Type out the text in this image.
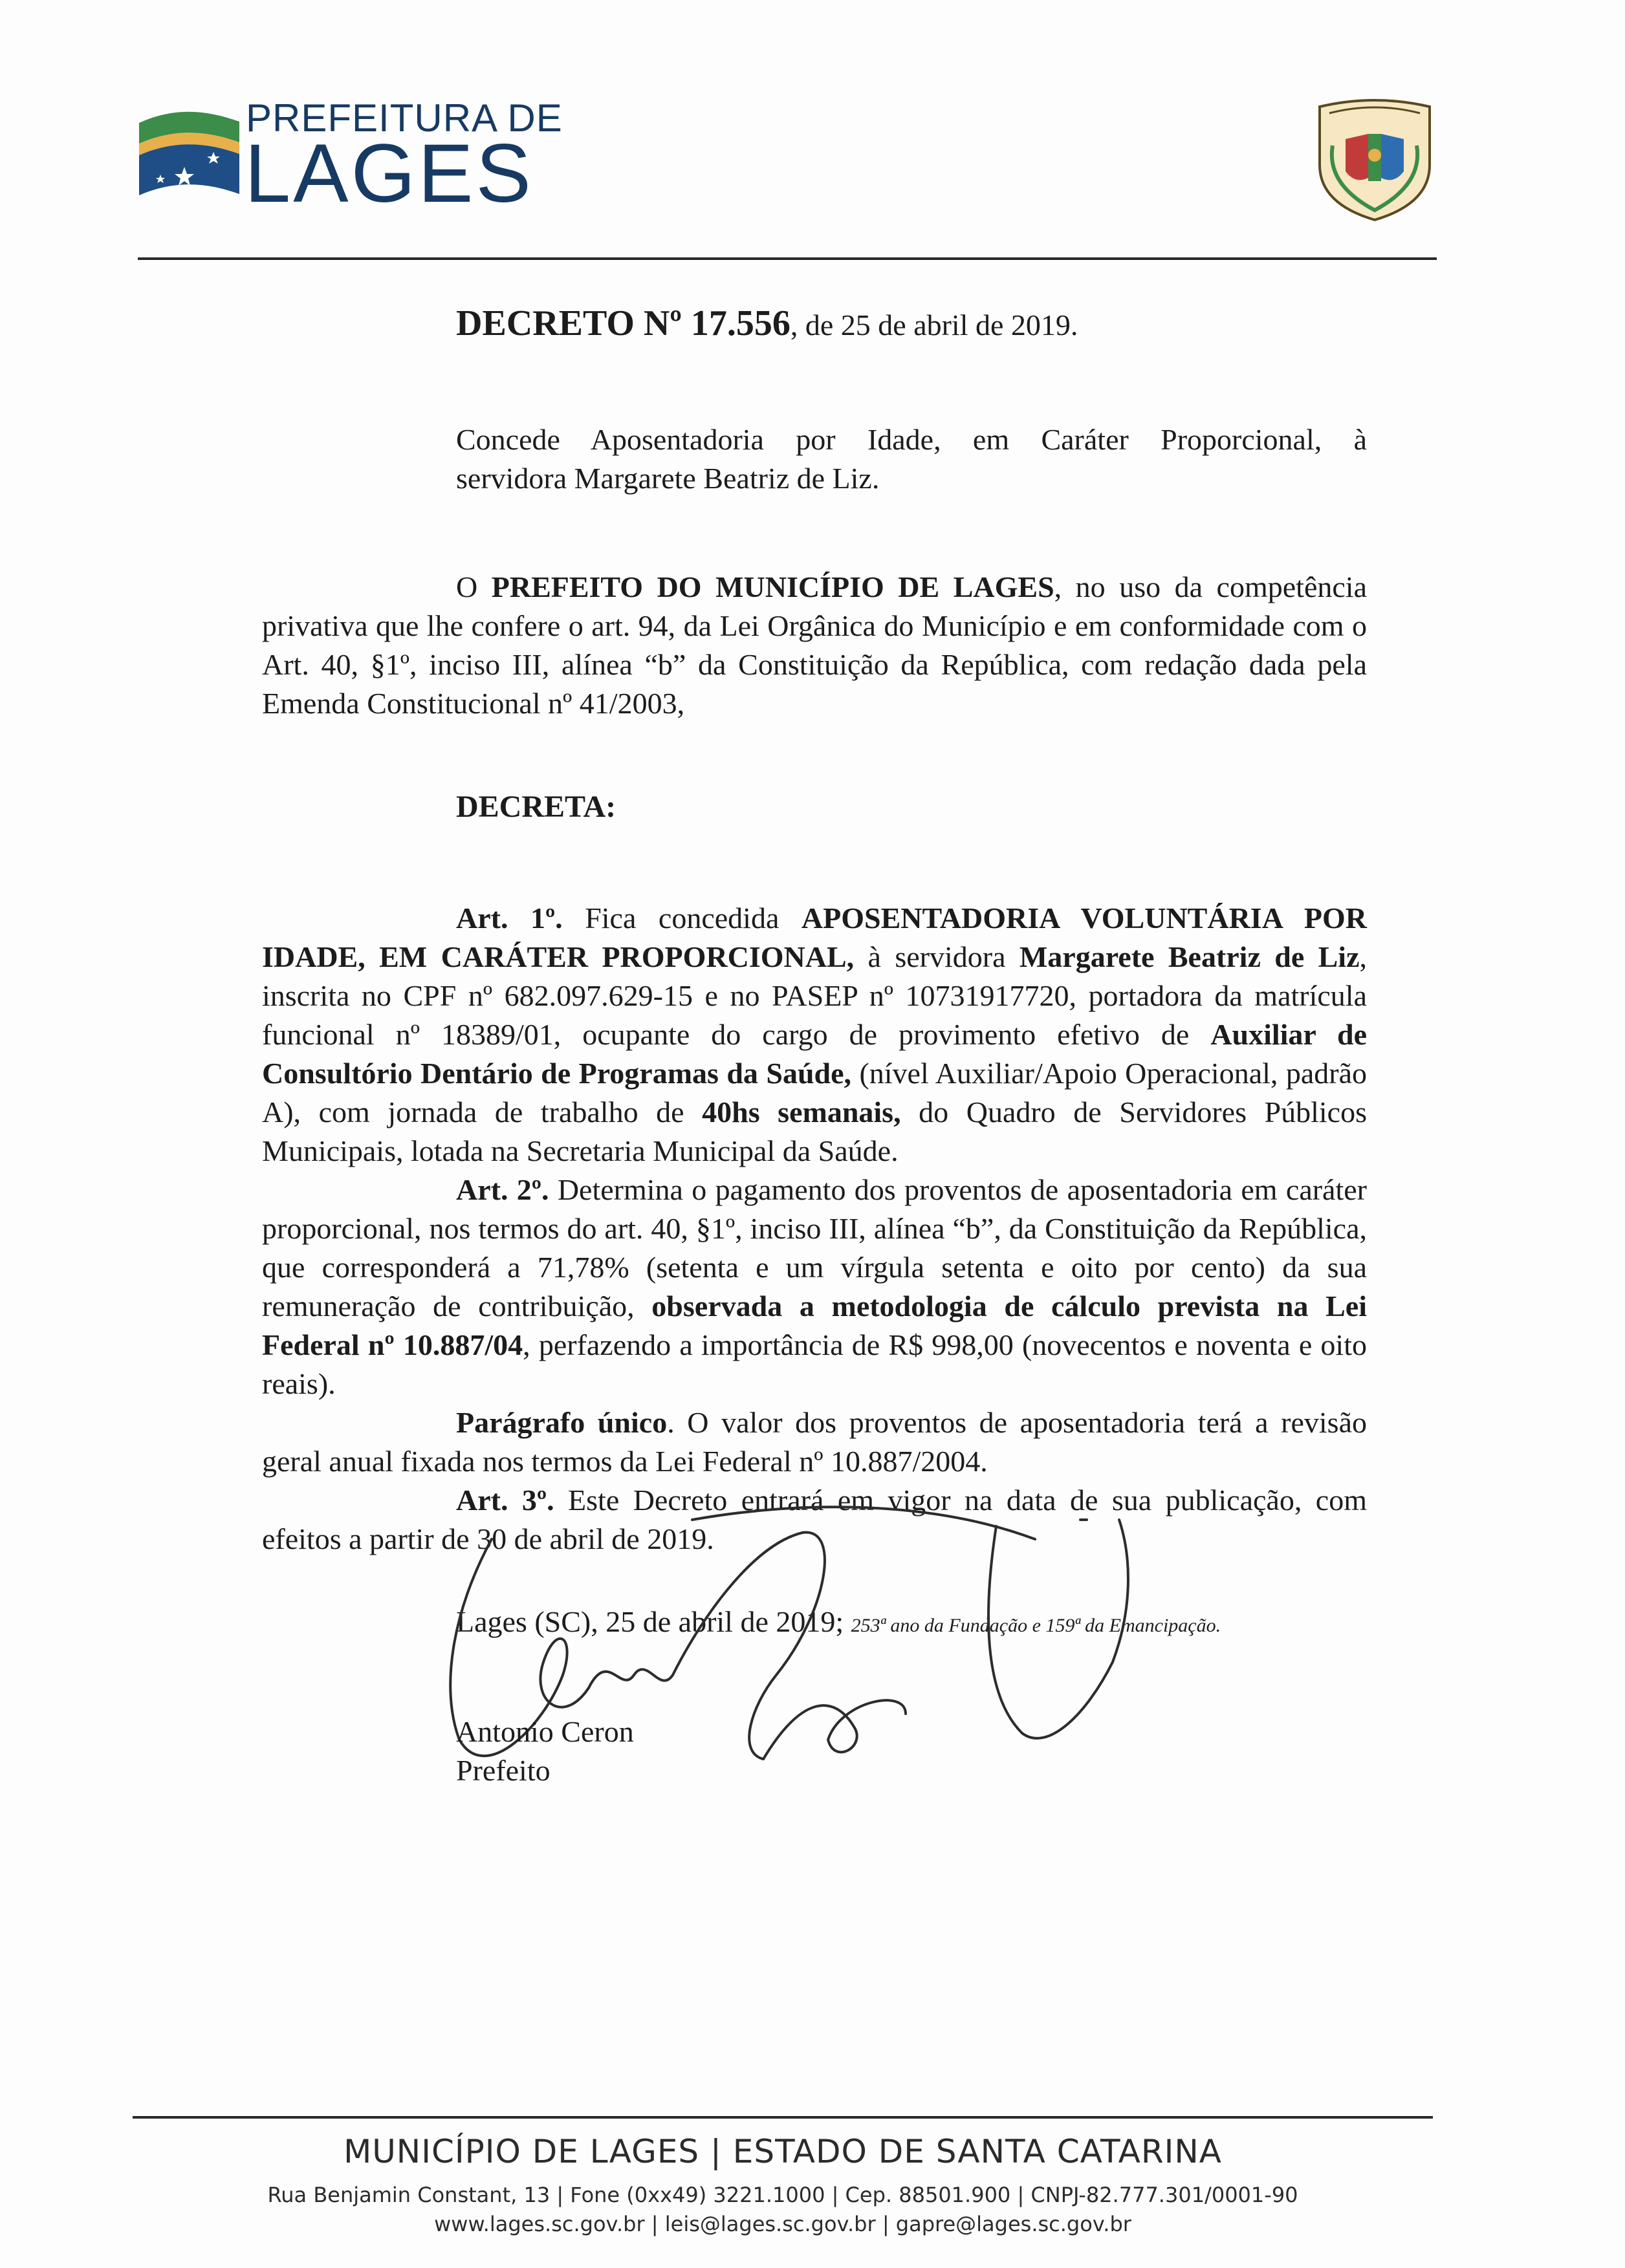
PREFEITURA DE
LAGES
DECRETO Nº 17.556, de 25 de abril de 2019.
Concede Aposentadoria por Idade, em Caráter Proporcional, à
servidora Margarete Beatriz de Liz.

O PREFEITO DO MUNICÍPIO DE LAGES, no uso da competência privativa que lhe confere o art. 94, da Lei Orgânica do Município e em conformidade com o Art. 40, §1º, inciso III, alínea “b” da Constituição da República, com redação dada pela Emenda Constitucional nº 41/2003,

DECRETA:

Art. 1º. Fica concedida APOSENTADORIA VOLUNTÁRIA POR IDADE, EM CARÁTER PROPORCIONAL, à servidora Margarete Beatriz de Liz, inscrita no CPF nº 682.097.629-15 e no PASEP nº 10731917720, portadora da matrícula funcional nº 18389/01, ocupante do cargo de provimento efetivo de Auxiliar de Consultório Dentário de Programas da Saúde, (nível Auxiliar/Apoio Operacional, padrão A), com jornada de trabalho de 40hs semanais, do Quadro de Servidores Públicos Municipais, lotada na Secretaria Municipal da Saúde.

Art. 2º. Determina o pagamento dos proventos de aposentadoria em caráter proporcional, nos termos do art. 40, §1º, inciso III, alínea “b”, da Constituição da República, que corresponderá a 71,78% (setenta e um vírgula setenta e oito por cento) da sua remuneração de contribuição, observada a metodologia de cálculo prevista na Lei Federal nº 10.887/04, perfazendo a importância de R$ 998,00 (novecentos e noventa e oito reais).

Parágrafo único. O valor dos proventos de aposentadoria terá a revisão geral anual fixada nos termos da Lei Federal nº 10.887/2004.

Art. 3º. Este Decreto entrará em vigor na data de sua publicação, com efeitos a partir de 30 de abril de 2019.

Lages (SC), 25 de abril de 2019; 253ª ano da Fundação e 159ª da Emancipação.
Antonio Ceron
Prefeito
MUNICÍPIO DE LAGES | ESTADO DE SANTA CATARINA
Rua Benjamin Constant, 13 | Fone (0xx49) 3221.1000 | Cep. 88501.900 | CNPJ-82.777.301/0001-90
www.lages.sc.gov.br | leis@lages.sc.gov.br | gapre@lages.sc.gov.br
